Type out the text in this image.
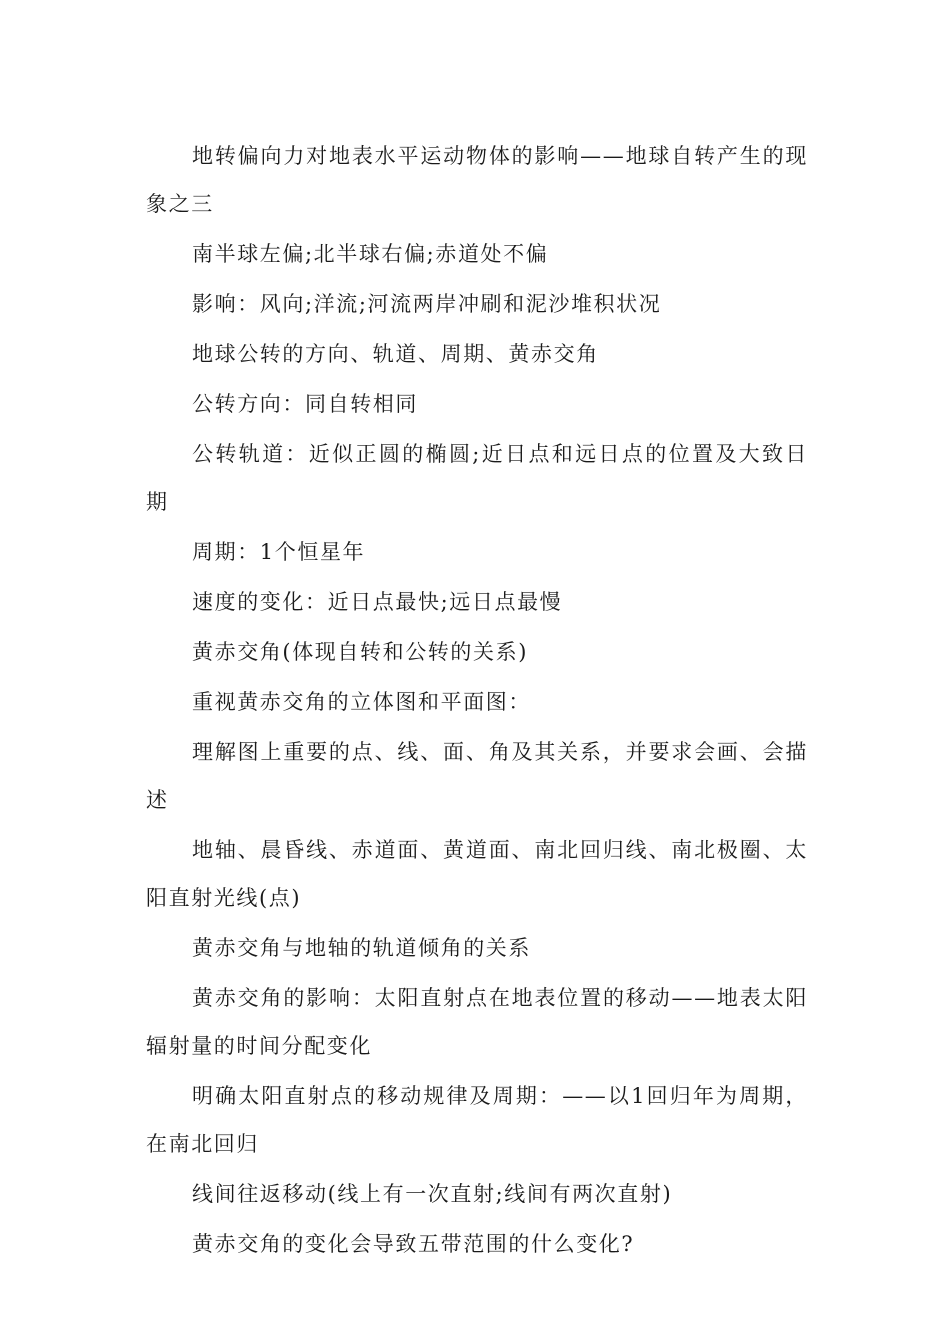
地转偏向力对地表水平运动物体的影响——地球自转产生的现象之三

南半球左偏;北半球右偏;赤道处不偏

影响：风向;洋流;河流两岸冲刷和泥沙堆积状况

地球公转的方向、轨道、周期、黄赤交角

公转方向：同自转相同

公转轨道：近似正圆的椭圆;近日点和远日点的位置及大致日期

周期：1个恒星年

速度的变化：近日点最快;远日点最慢

黄赤交角(体现自转和公转的关系)

重视黄赤交角的立体图和平面图：

理解图上重要的点、线、面、角及其关系，并要求会画、会描述

地轴、晨昏线、赤道面、黄道面、南北回归线、南北极圈、太阳直射光线(点)

黄赤交角与地轴的轨道倾角的关系

黄赤交角的影响：太阳直射点在地表位置的移动——地表太阳辐射量的时间分配变化

明确太阳直射点的移动规律及周期：——以1回归年为周期，在南北回归

线间往返移动(线上有一次直射;线间有两次直射)

黄赤交角的变化会导致五带范围的什么变化?
